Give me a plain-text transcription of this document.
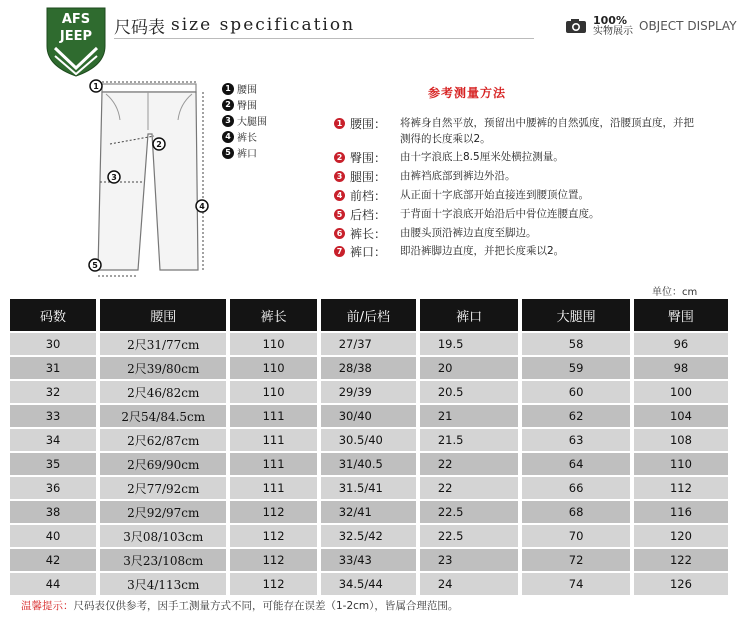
AFS
JEEP 尺码表 size specification	100%
实物展示 OBJECT DISPLAY
1
2
3
4
5
1 腰围
2 臀围
3 大腿围
4 裤长
5 裤口
参考测量方法
1 腰围：	将裤身自然平放，预留出中腰裤的自然弧度，沿腰顶直度，并把测得的长度乘以2。
2 臀围：	由十字浪底上8.5厘米处横拉测量。
3 腿围：	由裤裆底部到裤边外沿。
4 前档：	从正面十字底部开始直接连到腰顶位置。
5 后档：	于背面十字浪底开始沿后中骨位连腰直度。
6 裤长：	由腰头顶沿裤边直度至脚边。
7 裤口：	即沿裤脚边直度，并把长度乘以2。
单位：cm
码数	腰围	裤长	前/后档	裤口	大腿围	臀围
30	2尺31/77cm	110	27/37	19.5	58	96
31	2尺39/80cm	110	28/38	20	59	98
32	2尺46/82cm	110	29/39	20.5	60	100
33	2尺54/84.5cm	111	30/40	21	62	104
34	2尺62/87cm	111	30.5/40	21.5	63	108
35	2尺69/90cm	111	31/40.5	22	64	110
36	2尺77/92cm	111	31.5/41	22	66	112
38	2尺92/97cm	112	32/41	22.5	68	116
40	3尺08/103cm	112	32.5/42	22.5	70	120
42	3尺23/108cm	112	33/43	23	72	122
44	3尺4/113cm	112	34.5/44	24	74	126
温馨提示：尺码表仅供参考，因手工测量方式不同，可能存在误差（1-2cm），皆属合理范围。
